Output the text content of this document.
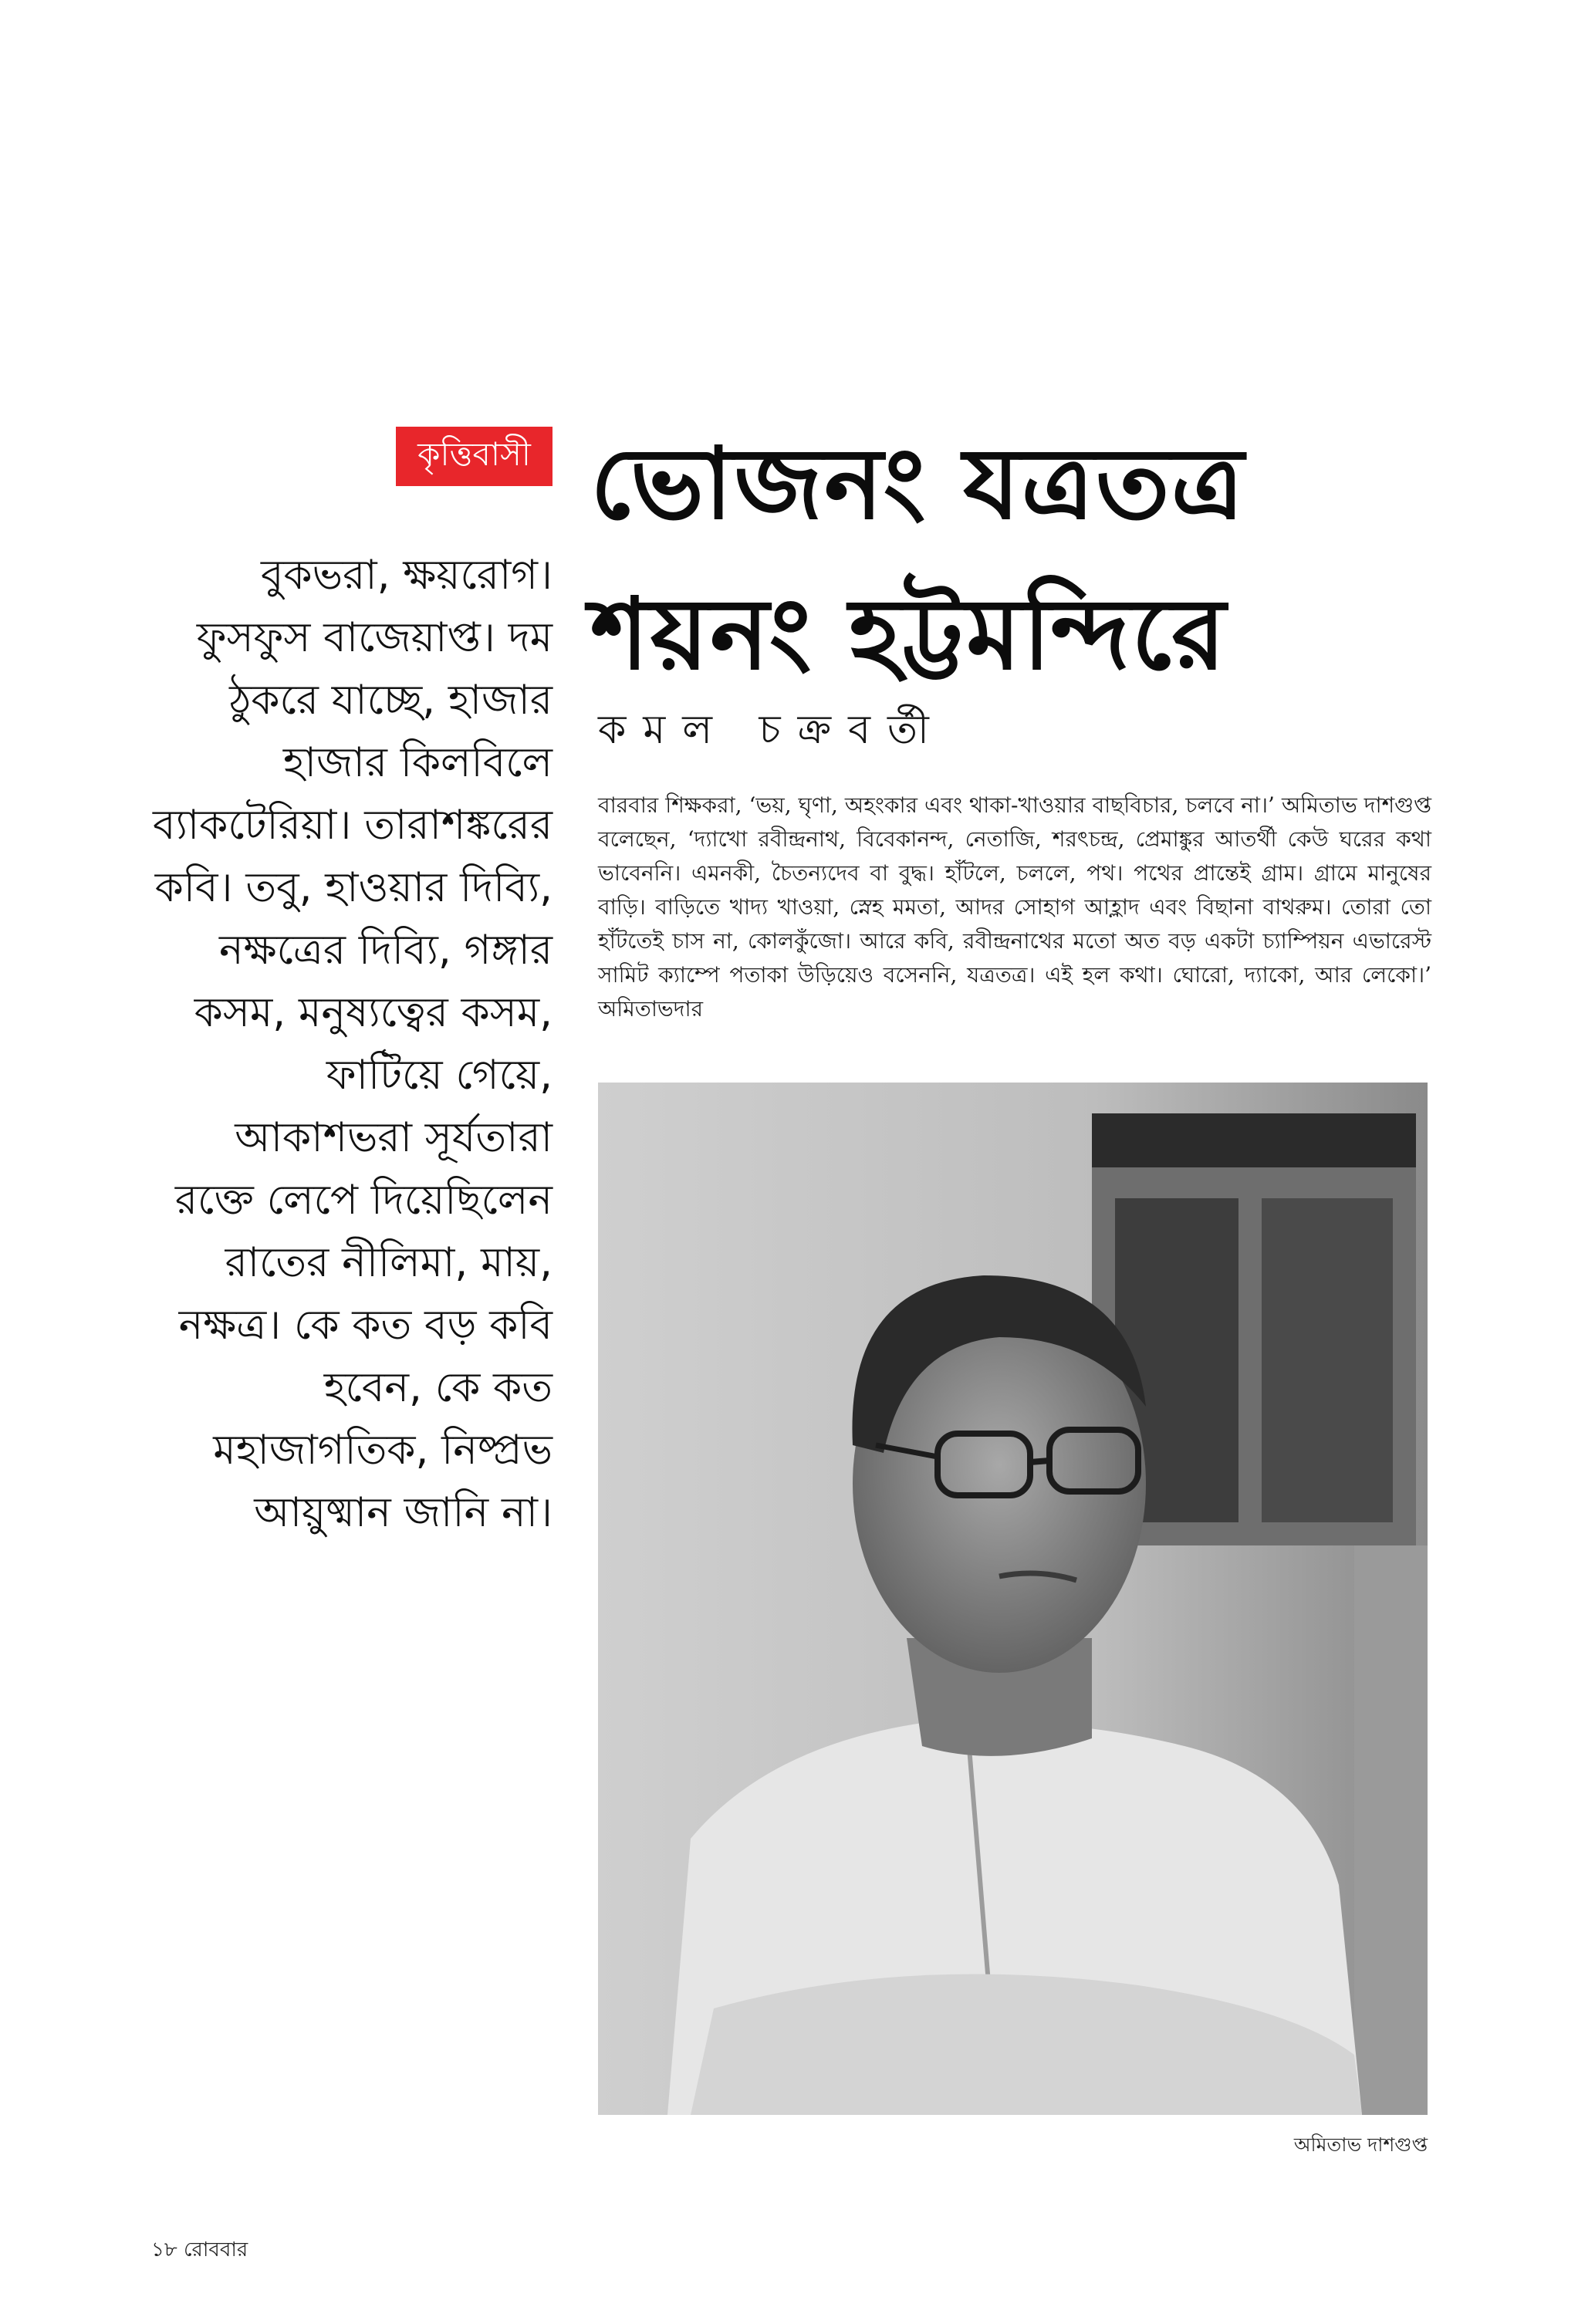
কৃত্তিবাসী ভোজনং যত্রতত্র
শয়নং হট্টমন্দিরে
কমল চক্রবর্তী

বুকভরা, ক্ষয়রোগ। ফুসফুস বাজেয়াপ্ত। দম ঠুকরে যাচ্ছে, হাজার হাজার কিলবিলে ব্যাকটেরিয়া। তারাশঙ্করের কবি। তবু, হাওয়ার দিব্যি, নক্ষত্রের দিব্যি, গঙ্গার কসম, মনুষ্যত্বের কসম, ফাটিয়ে গেয়ে, আকাশভরা সূর্যতারা রক্তে লেপে দিয়েছিলেন রাতের নীলিমা, মায়, নক্ষত্র। কে কত বড় কবি হবেন, কে কত মহাজাগতিক, নিষ্প্রভ আয়ুষ্মান জানি না।

বারবার শিক্ষকরা, ‘ভয়, ঘৃণা, অহংকার এবং থাকা-খাওয়ার বাছবিচার, চলবে না।’ অমিতাভ দাশগুপ্ত বলেছেন, ‘দ্যাখো রবীন্দ্রনাথ, বিবেকানন্দ, নেতাজি, শরৎচন্দ্র, প্রেমাঙ্কুর আতর্থী কেউ ঘরের কথা ভাবেননি। এমনকী, চৈতন্যদেব বা বুদ্ধ। হাঁটলে, চললে, পথ। পথের প্রান্তেই গ্রাম। গ্রামে মানুষের বাড়ি। বাড়িতে খাদ্য খাওয়া, স্নেহ মমতা, আদর সোহাগ আহ্লাদ এবং বিছানা বাথরুম। তোরা তো হাঁটতেই চাস না, কোলকুঁজো। আরে কবি, রবীন্দ্রনাথের মতো অত বড় একটা চ্যাম্পিয়ন এভারেস্ট সামিট ক্যাম্পে পতাকা উড়িয়েও বসেননি, যত্রতত্র। এই হল কথা। ঘোরো, দ্যাকো, আর লেকো।’ অমিতাভদার

অমিতাভ দাশগুপ্ত
১৮ রোববার
